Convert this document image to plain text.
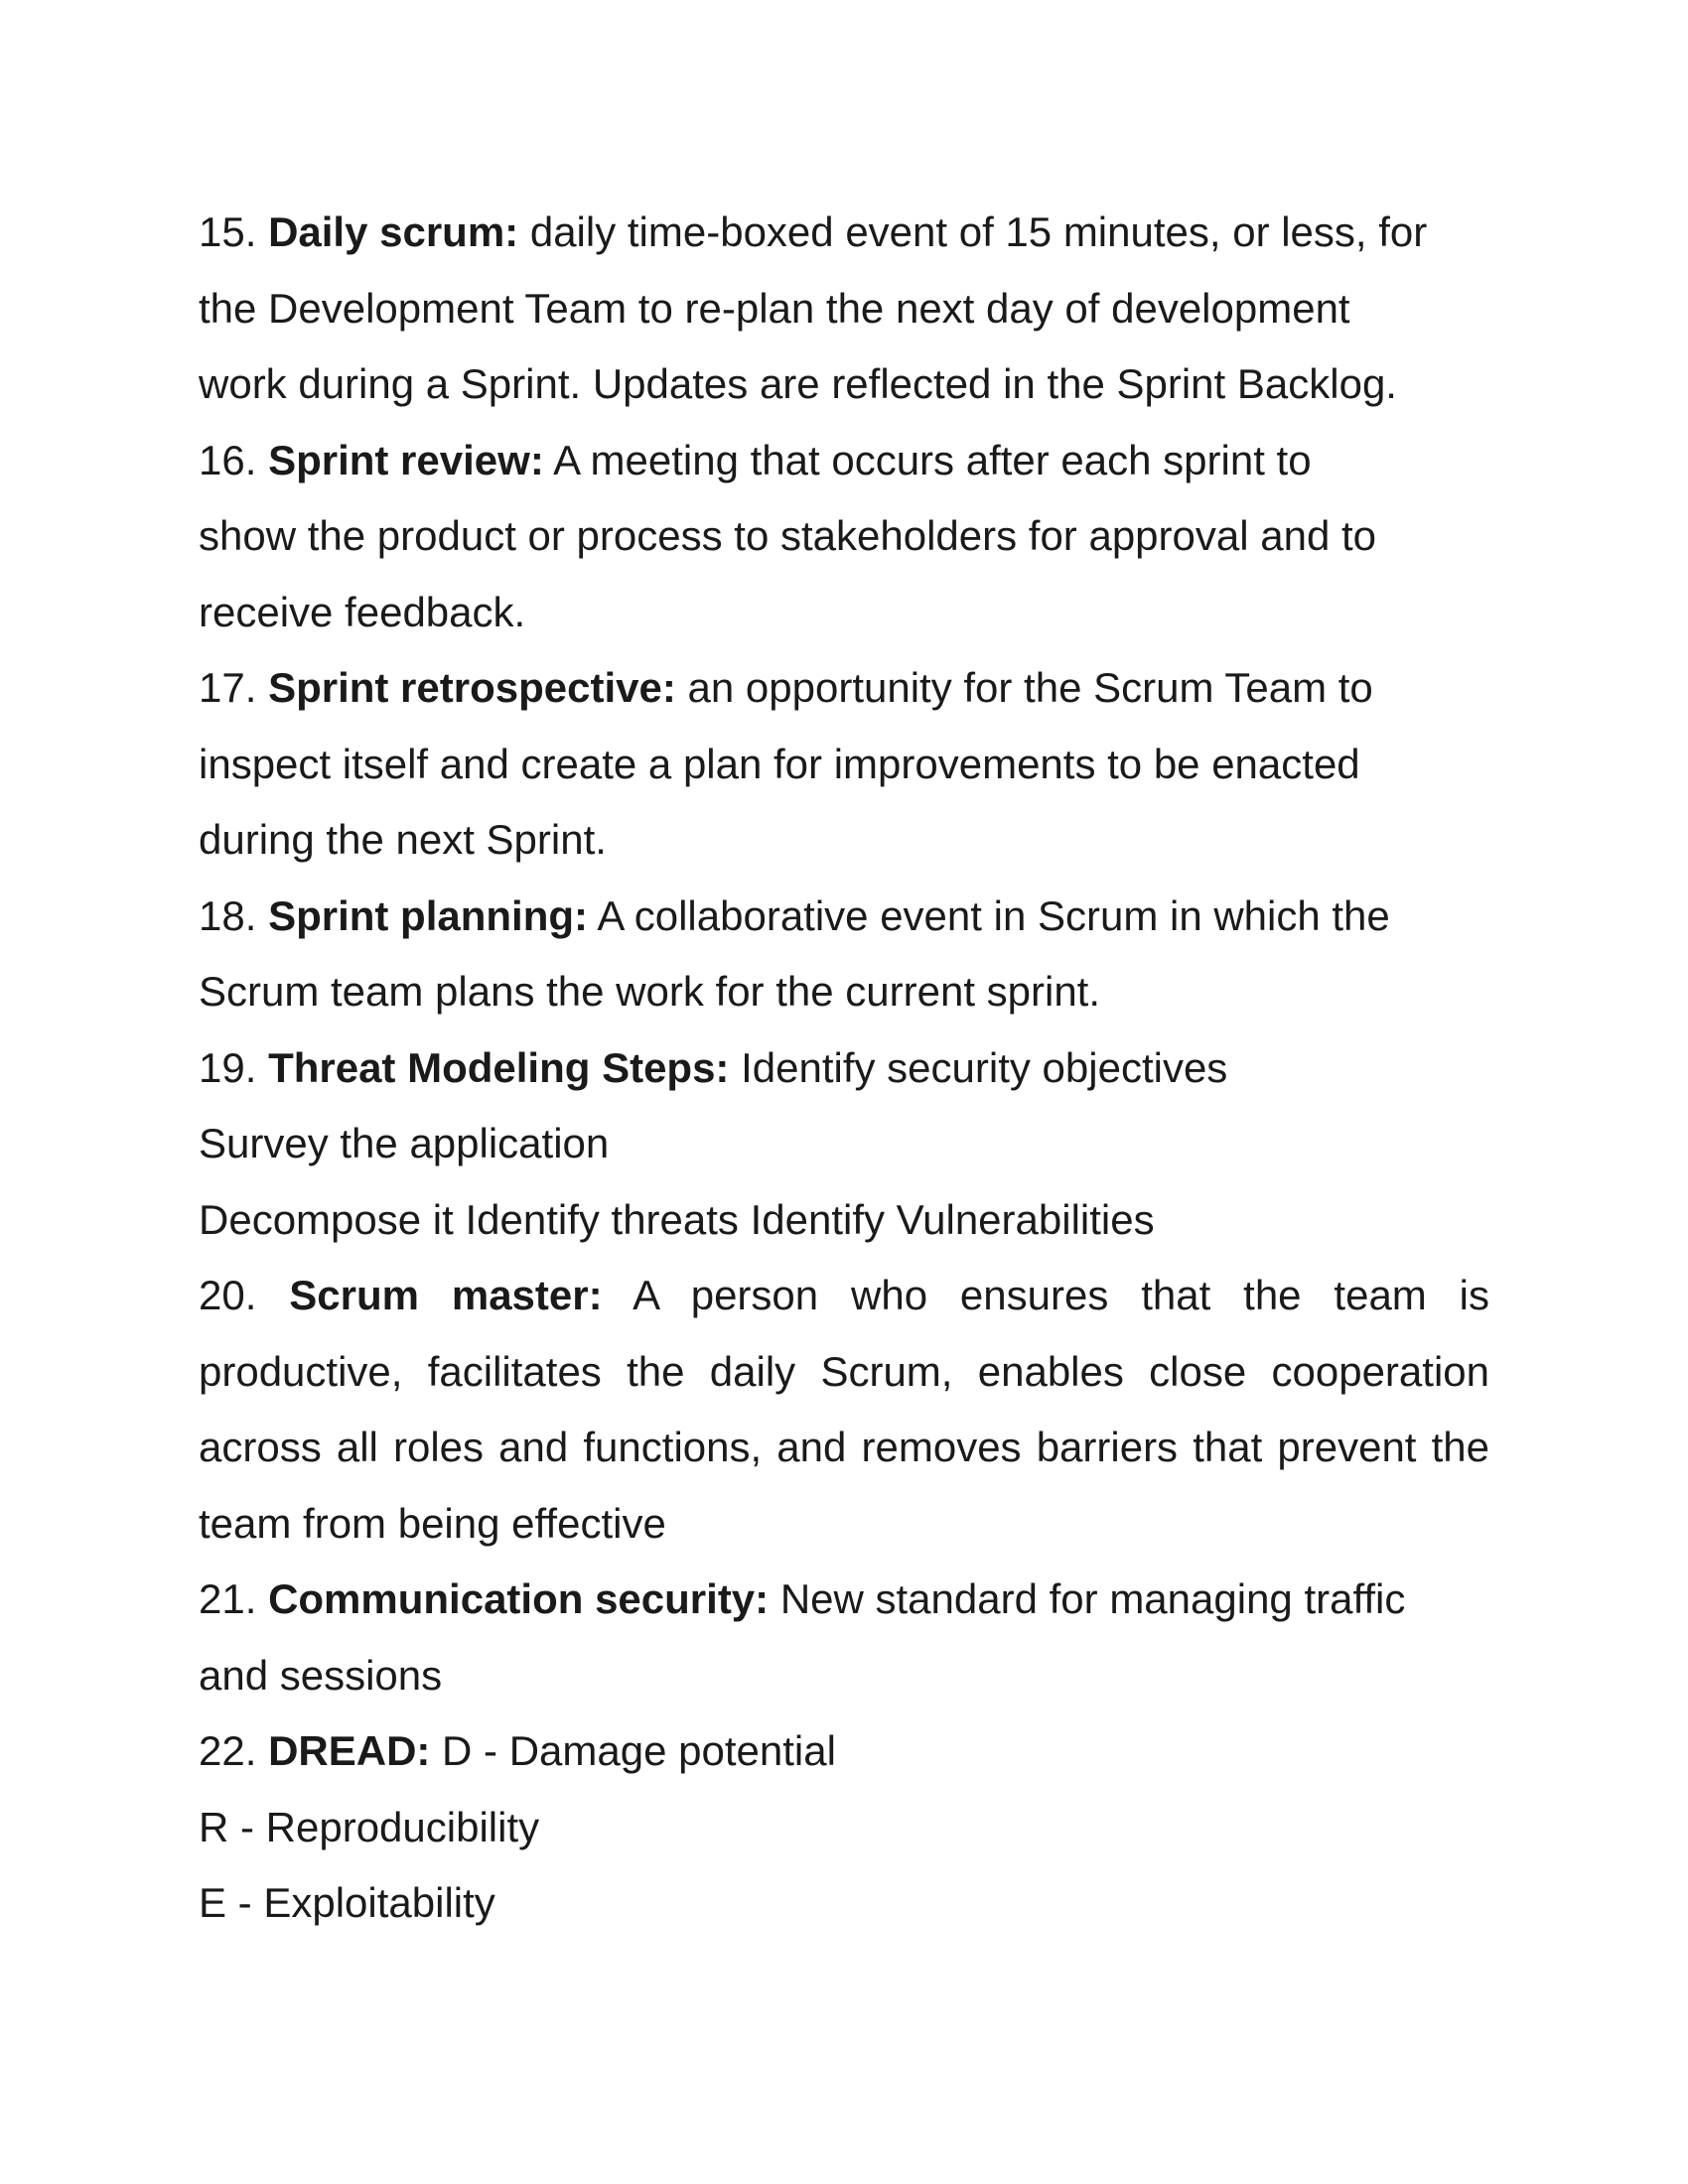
15. Daily scrum: daily time-boxed event of 15 minutes, or less, for
the Development Team to re-plan the next day of development
work during a Sprint. Updates are reflected in the Sprint Backlog.
16. Sprint review: A meeting that occurs after each sprint to
show the product or process to stakeholders for approval and to
receive feedback.
17. Sprint retrospective: an opportunity for the Scrum Team to
inspect itself and create a plan for improvements to be enacted
during the next Sprint.
18. Sprint planning: A collaborative event in Scrum in which the
Scrum team plans the work for the current sprint.
19. Threat Modeling Steps: Identify security objectives
Survey the application
Decompose it Identify threats Identify Vulnerabilities
20. Scrum master: A person who ensures that the team is
productive, facilitates the daily Scrum, enables close cooperation
across all roles and functions, and removes barriers that prevent the
team from being effective
21. Communication security: New standard for managing traffic
and sessions
22. DREAD: D - Damage potential
R - Reproducibility
E - Exploitability
